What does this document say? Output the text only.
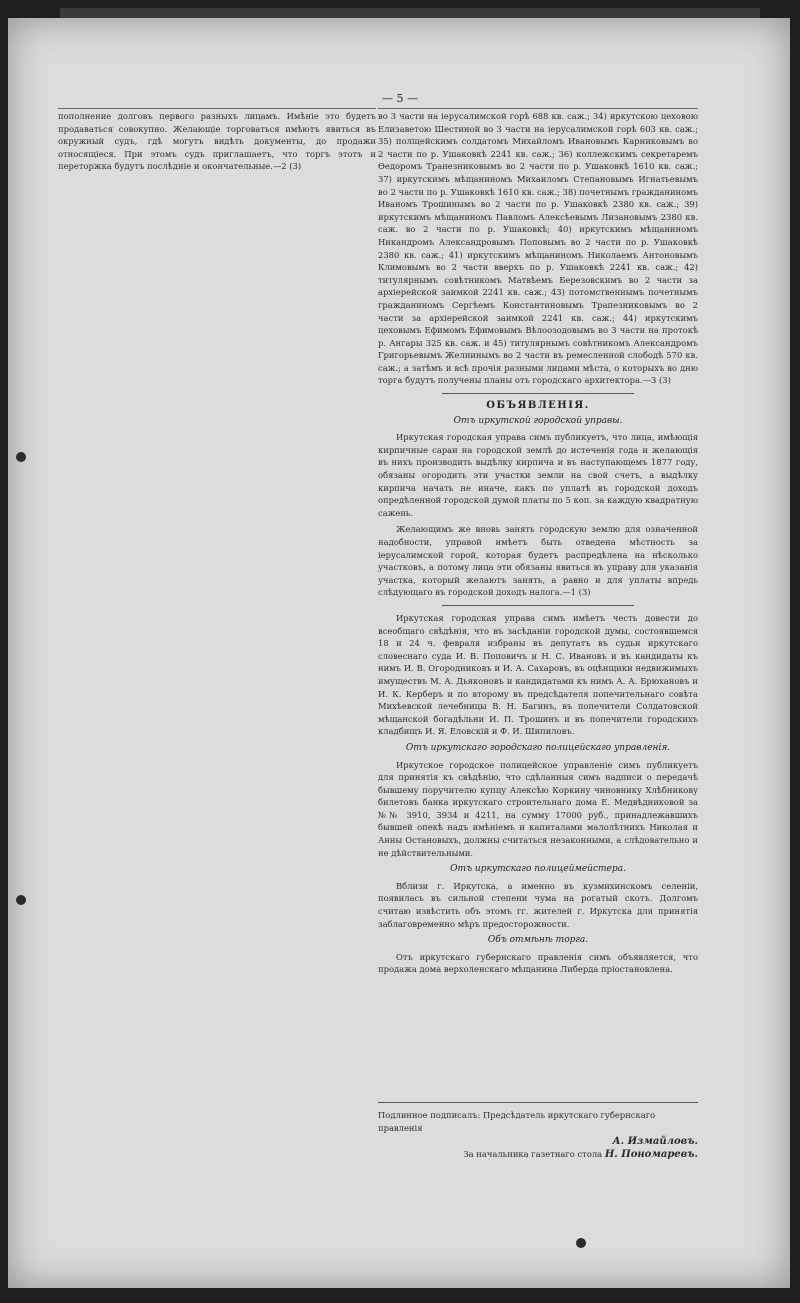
— 5 —

пополнение долговъ первого разныхъ лицамъ. Имѣніе это будетъ продаваться совокупно. Желающіе торговаться имѣютъ явиться въ окружный судъ, гдѣ могутъ видѣть документы, до продажи относящіеся. При этомъ судъ приглашаетъ, что торгъ этотъ и переторжка будутъ послѣдніе и окончательные.—2 (3)

во 3 части на іерусалимской горѣ 688 кв. саж.; 34) иркутскою цеховою Елизаветою Шестиной во 3 части на іерусалимской горѣ 603 кв. саж.; 35) поліцейскимъ солдатомъ Михайломъ Ивановымъ Карниковымъ во 2 части по р. Ушаковкѣ 2241 кв. саж.; 36) коллежскимъ секретаремъ Ѳедоромъ Транезниковымъ во 2 части по р. Ушаковкѣ 1610 кв. саж.; 37) иркутскимъ мѣщаниномъ Михаиломъ Степановымъ Игнатьевымъ во 2 части по р. Ушаковкѣ 1610 кв. саж.; 38) почетнымъ гражданиномъ Иваномъ Трошинымъ во 2 части по р. Ушаковкѣ 2380 кв. саж.; 39) иркутскимъ мѣщаниномъ Павломъ Алексѣевымъ Лизановымъ 2380 кв. саж. во 2 части по р. Ушаковкѣ; 40) иркутскимъ мѣщаниномъ Никандромъ Александровымъ Поповымъ во 2 части по р. Ушаковкѣ 2380 кв. саж.; 41) иркутскимъ мѣщаниномъ Николаемъ Антоновымъ Климовымъ во 2 части вверхъ по р. Ушаковкѣ 2241 кв. саж.; 42) титулярнымъ совѣтникомъ Матвѣемъ Березовскимъ во 2 части за архіерейской заимкой 2241 кв. саж.; 43) потомственнымъ почетнымъ гражданиномъ Сергѣемъ Константиновымъ Трапезниковымъ во 2 части за архіерейской заимкой 2241 кв. саж.; 44) иркутскимъ цеховымъ Ефимомъ Ефимовымъ Вѣлоозодовымъ во 3 части на протокѣ р. Ангары 325 кв. саж. и 45) титулярнымъ совѣтникомъ Александромъ Григорьевымъ Желнинымъ во 2 части въ ремесленной слободѣ 570 кв. саж.; а затѣмъ и всѣ прочія разными лицами мѣста, о которыхъ во дню торга будутъ получены планы отъ городскаго архитектора.—3 (3)

ОБЪЯВЛЕНІЯ.
Отъ иркутской городской управы.

Иркутская городская управа симъ публикуетъ, что лица, имѣющія кирпичные сараи на городской землѣ до истеченія года и желающія въ нихъ производить выдѣлку кирпича и въ наступающемъ 1877 году, обязаны огородить эти участки земли на свой счетъ, а выдѣлку кирпича начать не иначе, какъ по уплатѣ въ городской доходъ опредѣленной городской думой платы по 5 коп. за каждую квадратную сажень.

Желающимъ же вновь занять городскую землю для означенной надобности, управой имѣетъ быть отведена мѣстность за іерусалимской горой, которая будетъ распредѣлена на нѣсколько участковъ, а потому лица эти обязаны явиться въ управу для указанія участка, который желаютъ занять, а равно и для уплаты впредь слѣдующаго въ городской доходъ налога.—1 (3)

Иркутская городская управа симъ имѣетъ честь довести до всеобщаго свѣдѣнія, что въ засѣданіи городской думы, состоявшемся 18 и 24 ч. февраля избраны въ депутатъ въ судьи иркутскаго словеснаго суда И. В. Поповичъ и Н. С. Ивановъ и въ кандидаты къ нимъ И. В. Огородниковъ и И. А. Сахаровъ, въ оцѣнщики недвижимыхъ имуществъ М. А. Дьяконовъ и кандидатами къ нимъ А. А. Брюхановъ и И. К. Керберъ и по второму въ предсѣдателя попечительнаго совѣта Михѣевской лечебницы В. Н. Багинъ, въ попечители Солдатовской мѣщанской богадѣльни И. П. Трошинъ и въ попечители городскихъ кладбищъ И. Я. Еловскій и Ф. И. Шипиловъ.

Отъ иркутскаго городскаго полицейскаго управленія.

Иркутское городское полицейское управленіе симъ публикуетъ для принятія къ свѣдѣнію, что сдѣланныя симъ надписи о передачѣ бывшему поручителю купцу Алексѣю Коркину чиновнику Хлѣбникову билетовъ банка иркутскаго строительнаго дома Е. Медвѣдниковой за №№ 3910, 3934 и 4211, на сумму 17000 руб., принадлежавшихъ бывшей опекѣ надъ имѣніемъ и капиталами малолѣтнихъ Николая и Анны Остановыхъ, должны считаться незаконными, а слѣдовательно и не дѣйствительными.

Отъ иркутскаго полицеймейстера.

Вблизи г. Иркутска, а именно въ кузмихинскомъ селеніи, появилась въ сильной степени чума на рогатый скотъ. Долгомъ считаю извѣстить объ этомъ гг. жителей г. Иркутска для принятія заблаговременно мѣръ предосторожности.

Объ отмѣнѣ торга.

Отъ иркутскаго губернскаго правленія симъ объявляется, что продажа дома верхоленскаго мѣщанина Либерда пріостановлена.

Подлинное подписалъ: Предсѣдатель иркутскаго губернскаго правленія
А. Измайловъ.
За начальника газетнаго стола Н. Пономаревъ.
